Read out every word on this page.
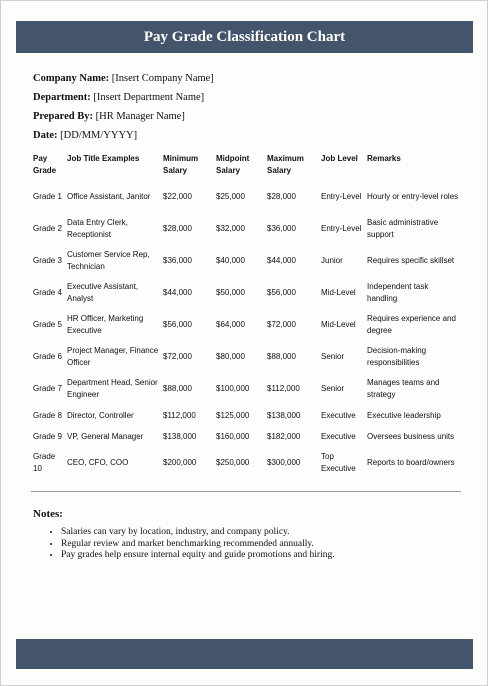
Pay Grade Classification Chart
Company Name: [Insert Company Name]
Department: [Insert Department Name]
Prepared By: [HR Manager Name]
Date: [DD/MM/YYYY]
Pay Grade	Job Title Examples	Minimum Salary	Midpoint Salary	Maximum Salary	Job Level	Remarks
Grade 1	Office Assistant, Janitor	$22,000	$25,000	$28,000	Entry-Level	Hourly or entry-level roles
Grade 2	Data Entry Clerk, Receptionist	$28,000	$32,000	$36,000	Entry-Level	Basic administrative support
Grade 3	Customer Service Rep, Technician	$36,000	$40,000	$44,000	Junior	Requires specific skillset
Grade 4	Executive Assistant, Analyst	$44,000	$50,000	$56,000	Mid-Level	Independent task handling
Grade 5	HR Officer, Marketing Executive	$56,000	$64,000	$72,000	Mid-Level	Requires experience and degree
Grade 6	Project Manager, Finance Officer	$72,000	$80,000	$88,000	Senior	Decision-making responsibilities
Grade 7	Department Head, Senior Engineer	$88,000	$100,000	$112,000	Senior	Manages teams and strategy
Grade 8	Director, Controller	$112,000	$125,000	$138,000	Executive	Executive leadership
Grade 9	VP, General Manager	$138,000	$160,000	$182,000	Executive	Oversees business units
Grade 10	CEO, CFO, COO	$200,000	$250,000	$300,000	Top Executive	Reports to board/owners
Notes:
• Salaries can vary by location, industry, and company policy.
• Regular review and market benchmarking recommended annually.
• Pay grades help ensure internal equity and guide promotions and hiring.
